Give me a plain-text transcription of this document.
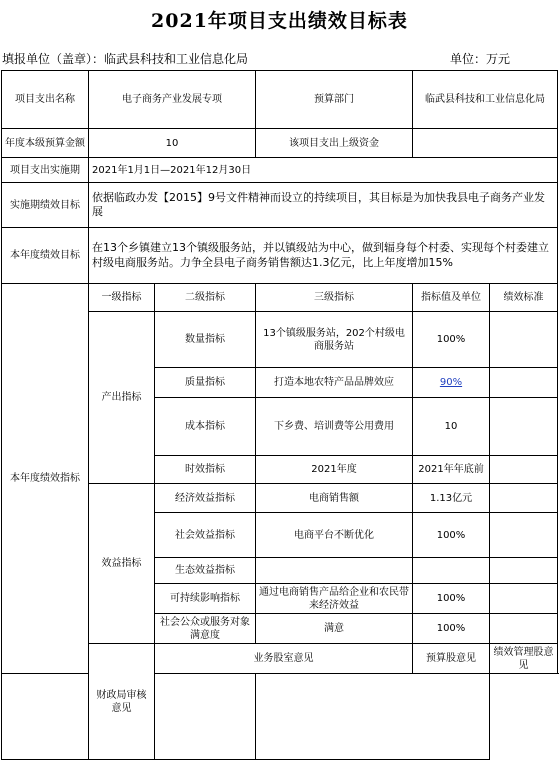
2021年项目支出绩效目标表
填报单位（盖章）：临武县科技和工业信息化局	单位：万元
项目支出名称	电子商务产业发展专项		预算部门	临武县科技和工业信息化局	
年度本级预算金额	10		该项目支出上级资金		
项目支出实施期	2021年1月1日—2021年12月30日				
实施期绩效目标	依据临政办发【2015】9号文件精神而设立的持续项目，其目标是为加快我县电子商务产业发展				
本年度绩效目标	在13个乡镇建立13个镇级服务站，并以镇级站为中心，做到辐身每个村委、实现每个村委建立村级电商服务站。力争全县电子商务销售额达1.3亿元，比上年度增加15%				
本年度绩效指标	一级指标	二级指标	三级指标	指标值及单位	绩效标准
	产出指标	数量指标	13个镇级服务站，202个村级电商服务站	100%	
		质量指标	打造本地农特产品品牌效应	90%	
		成本指标	下乡费、培训费等公用费用	10	
		时效指标	2021年度	2021年年底前	
	效益指标	经济效益指标	电商销售额	1.13亿元	
		社会效益指标	电商平台不断优化	100%	
		生态效益指标			
		可持续影响指标	通过电商销售产品给企业和农民带来经济效益	100%	
		社会公众或服务对象满意度	满意	100%	
	财政局审核意见	业务股室意见		预算股意见	绩效管理股意见
